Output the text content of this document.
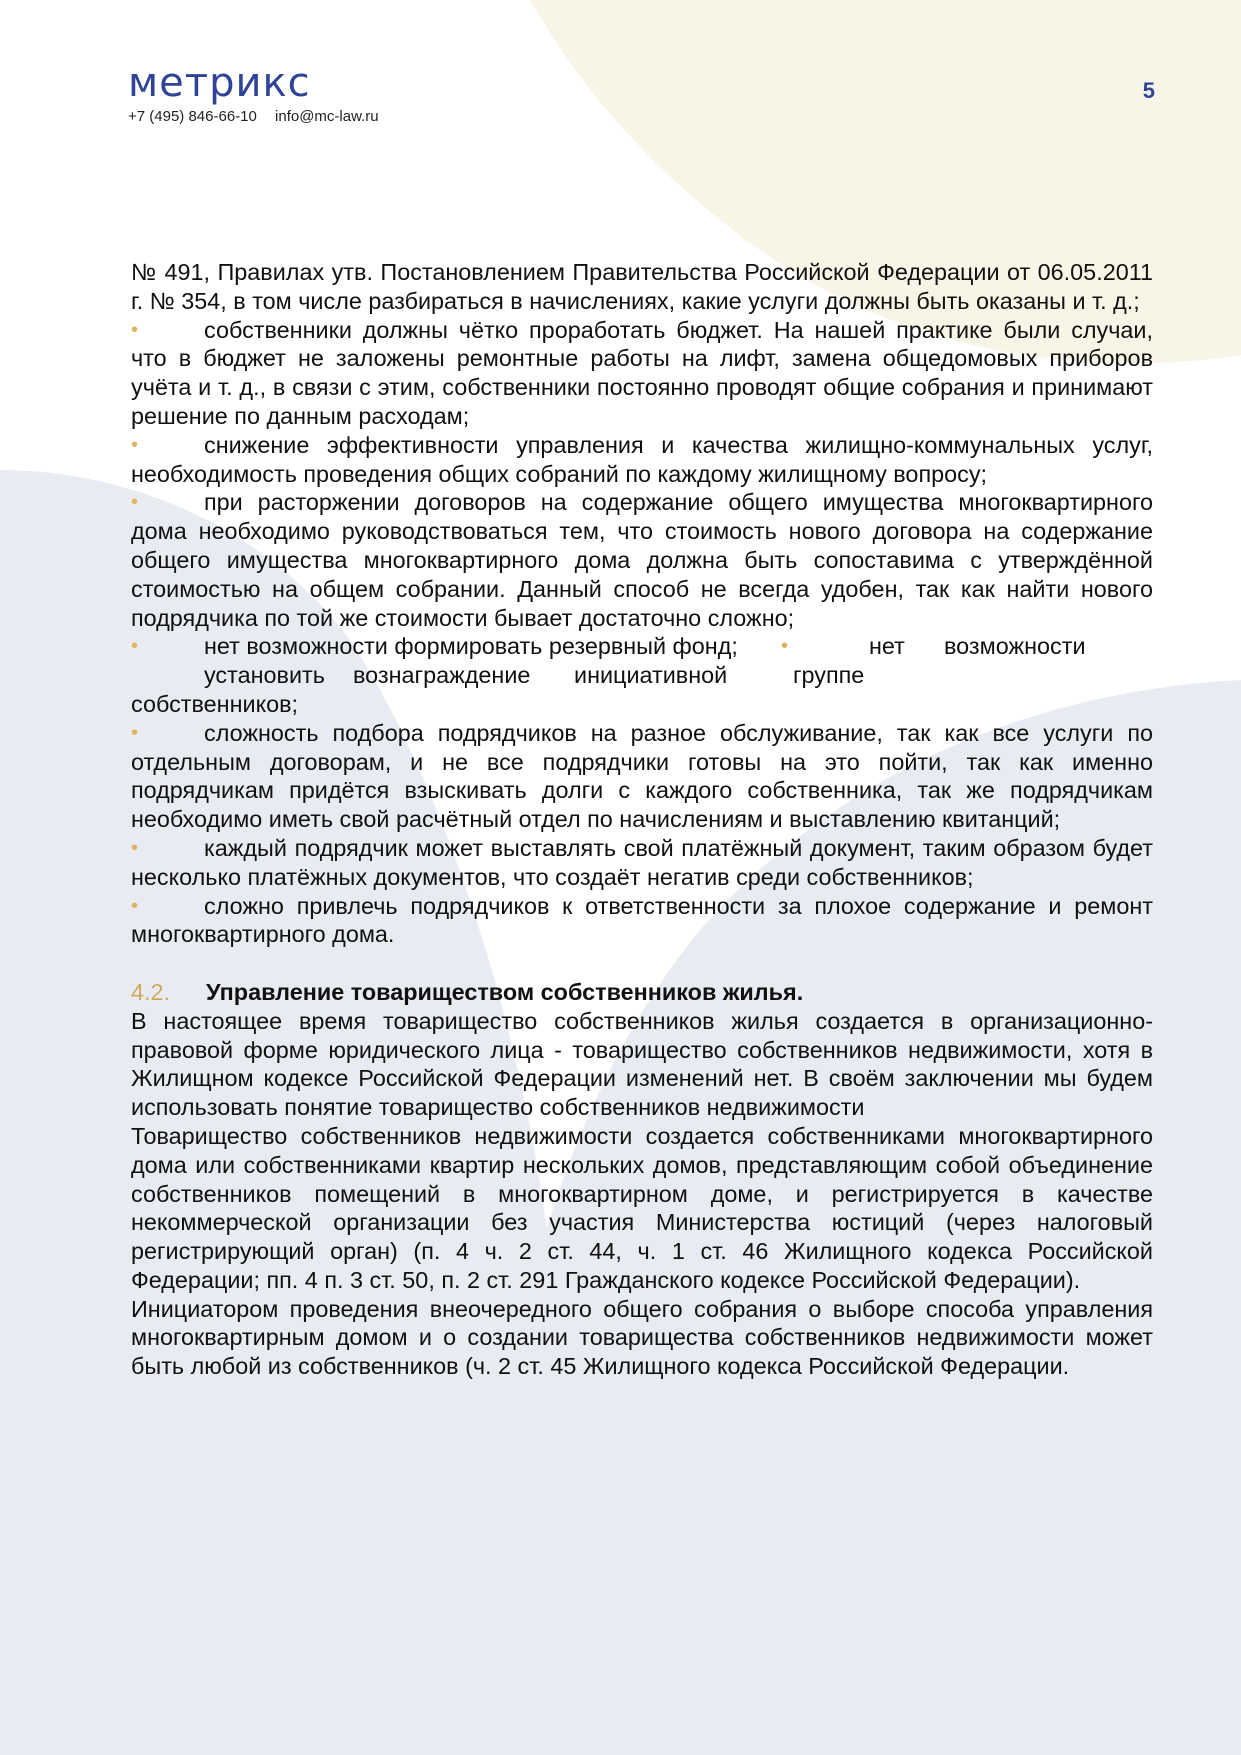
метрикс
+7 (495) 846-66-10 info@mc-law.ru
5

№ 491, Правилах утв. Постановлением Правительства Российской Федерации от 06.05.2011 г. № 354, в том числе разбираться в начислениях, какие услуги должны быть оказаны и т. д.;

•	собственники должны чётко проработать бюджет. На нашей практике были случаи, что в бюджет не заложены ремонтные работы на лифт, замена общедомовых приборов учёта и т. д., в связи с этим, собственники постоянно проводят общие собрания и принимают решение по данным расходам;
•	снижение эффективности управления и качества жилищно-коммунальных услуг, необходимость проведения общих собраний по каждому жилищному вопросу;
•	при расторжении договоров на содержание общего имущества многоквартирного дома необходимо руководствоваться тем, что стоимость нового договора на содержание общего имущества многоквартирного дома должна быть сопоставима с утверждённой стоимостью на общем собрании. Данный способ не всегда удобен, так как найти нового подрядчика по той же стоимости бывает достаточно сложно;
•	нет возможности формировать резервный фонд; •	нет возможности
установить вознаграждение инициативной	группе
собственников;
•	сложность подбора подрядчиков на разное обслуживание, так как все услуги по отдельным договорам, и не все подрядчики готовы на это пойти, так как именно подрядчикам придётся взыскивать долги с каждого собственника, так же подрядчикам необходимо иметь свой расчётный отдел по начислениям и выставлению квитанций;
•	каждый подрядчик может выставлять свой платёжный документ, таким образом будет несколько платёжных документов, что создаёт негатив среди собственников;
•	сложно привлечь подрядчиков к ответственности за плохое содержание и ремонт многоквартирного дома.
4.2. Управление товариществом собственников жилья.

В настоящее время товарищество собственников жилья создается в организационно-правовой форме юридического лица - товарищество собственников недвижимости, хотя в Жилищном кодексе Российской Федерации изменений нет. В своём заключении мы будем использовать понятие товарищество собственников недвижимости

Товарищество собственников недвижимости создается собственниками многоквартирного дома или собственниками квартир нескольких домов, представляющим собой объединение собственников помещений в многоквартирном доме, и регистрируется в качестве некоммерческой организации без участия Министерства юстиций (через налоговый регистрирующий орган) (п. 4 ч. 2 ст. 44, ч. 1 ст. 46 Жилищного кодекса Российской Федерации; пп. 4 п. 3 ст. 50, п. 2 ст. 291 Гражданского кодексе Российской Федерации).

Инициатором проведения внеочередного общего собрания о выборе способа управления многоквартирным домом и о создании товарищества собственников недвижимости может быть любой из собственников (ч. 2 ст. 45 Жилищного кодекса Российской Федерации.
